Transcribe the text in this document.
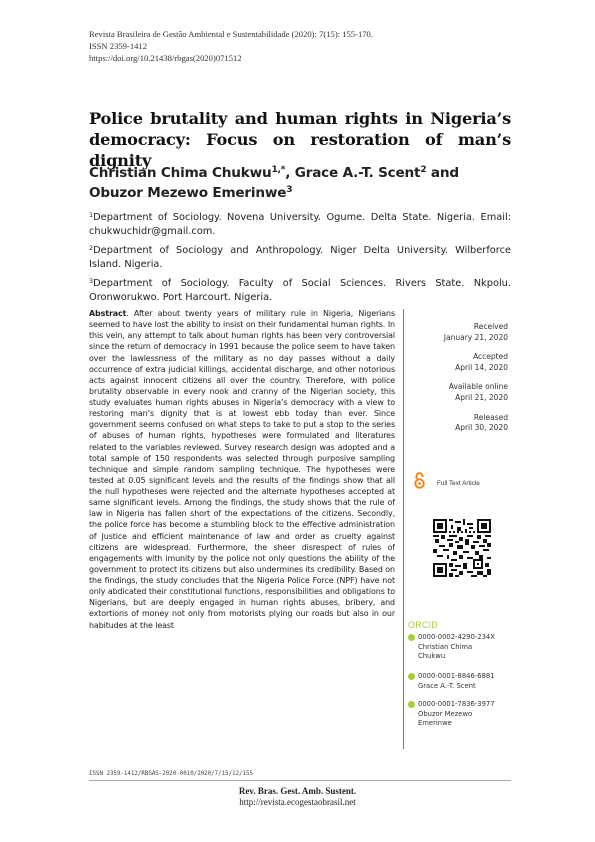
Revista Brasileira de Gestão Ambiental e Sustentabilidade (2020): 7(15): 155-170.
ISSN 2359-1412
https://doi.org/10.21438/rbgas(2020)071512
Police brutality and human rights in Nigeria’s democracy: Focus on restoration of man’s dignity
Christian Chima Chukwu$^{1,*}$, Grace A.-T. Scent$^2$ and Obuzor Mezewo Emerinwe$^3$

$^1$Department of Sociology. Novena University. Ogume. Delta State. Nigeria. Email: chukwuchidr@gmail.com.

$^2$Department of Sociology and Anthropology. Niger Delta University. Wilberforce Island. Nigeria.

$^3$Department of Sociology. Faculty of Social Sciences. Rivers State. Nkpolu. Oronworukwo. Port Harcourt. Nigeria.

Abstract. After about twenty years of military rule in Nigeria, Nigerians seemed to have lost the ability to insist on their fundamental human rights. In this vein, any attempt to talk about human rights has been very controversial since the return of democracy in 1991 because the police seem to have taken over the lawlessness of the military as no day passes without a daily occurrence of extra judicial killings, accidental discharge, and other notorious acts against innocent citizens all over the country. Therefore, with police brutality observable in every nook and cranny of the Nigerian society, this study evaluates human rights abuses in Nigeria’s democracy with a view to restoring man’s dignity that is at lowest ebb today than ever. Since government seems confused on what steps to take to put a stop to the series of abuses of human rights, hypotheses were formulated and literatures related to the variables reviewed. Survey research design was adopted and a total sample of 150 respondents was selected through purposive sampling technique and simple random sampling technique. The hypotheses were tested at 0.05 significant levels and the results of the findings show that all the null hypotheses were rejected and the alternate hypotheses accepted at same significant levels. Among the findings, the study shows that the rule of law in Nigeria has fallen short of the expectations of the citizens. Secondly, the police force has become a stumbling block to the effective administration of Justice and efficient maintenance of law and order as cruelty against citizens are widespread. Furthermore, the sheer disrespect of rules of engagements with imunity by the police not only questions the ability of the government to protect its citizens but also undermines its credibility. Based on the findings, the study concludes that the Nigeria Police Force (NPF) have not only abdicated their constitutional functions, responsibilities and obligations to Nigerians, but are deeply engaged in human rights abuses, bribery, and extortions of money not only from motorists plying our roads but also in our habitudes at the least
Received
January 21, 2020
Accepted
April 14, 2020
Available online
April 21, 2020
Released
April 30, 2020
Full Text Article
ORCID
0000-0002-4290-234X
Christian Chima Chukwu
0000-0001-8846-6881
Grace A.-T. Scent
0000-0001-7836-3977
Obuzor Mezewo Emerinwe
ISSN 2359-1412/RBGAS-2020-0010/2020/7/15/12/155
Rev. Bras. Gest. Amb. Sustent.
http://revista.ecogestaobrasil.net
